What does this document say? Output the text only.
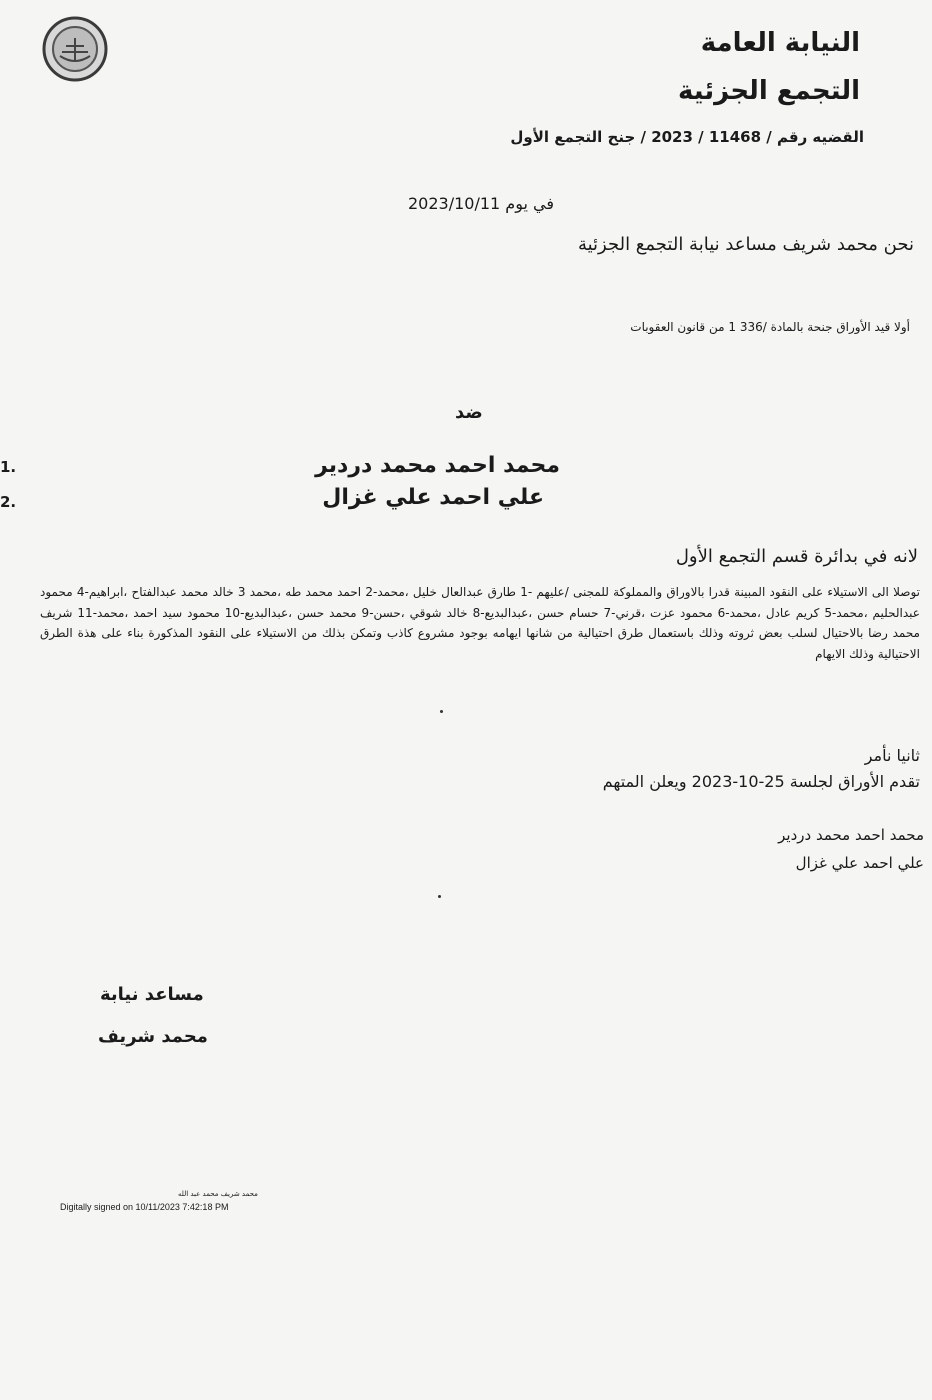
النيابة العامة
التجمع الجزئية
القضيه رقم / 11468 / 2023 / جنح التجمع الأول
في يوم 2023/10/11
نحن محمد شريف مساعد نيابة التجمع الجزئية
أولا قيد الأوراق جنحة بالمادة /336 1 من قانون العقوبات
ضد
1.	محمد احمد محمد دردير
2.	علي احمد علي غزال
لانه في بدائرة قسم التجمع الأول
توصلا الى الاستيلاء على النقود المبينة قدرا بالاوراق والمملوكة للمجنى /عليهم -1 طارق عبدالعال خليل ،محمد-2 احمد محمد طه ،محمد 3 خالد محمد عبدالفتاح ،ابراهيم-4 محمود عبدالحليم ،محمد-5 كريم عادل ،محمد-6 محمود عزت ،قرني-7 حسام حسن ،عبدالبديع-8 خالد شوقي ،حسن-9 محمد حسن ،عبدالبديع-10 محمود سيد احمد ،محمد-11 شريف محمد رضا بالاحتيال لسلب بعض ثروته وذلك باستعمال طرق احتيالية من شانها ايهامه بوجود مشروع كاذب وتمكن بذلك من الاستيلاء على النقود المذكورة بناء على هذة الطرق الاحتيالية وذلك الايهام
ثانيا نأمر
تقدم الأوراق لجلسة 25-10-2023 ويعلن المتهم
محمد احمد محمد دردير
علي احمد علي غزال
مساعد نيابة
محمد شريف
محمد شريف محمد عبد الله
Digitally signed on 10/11/2023 7:42:18 PM
